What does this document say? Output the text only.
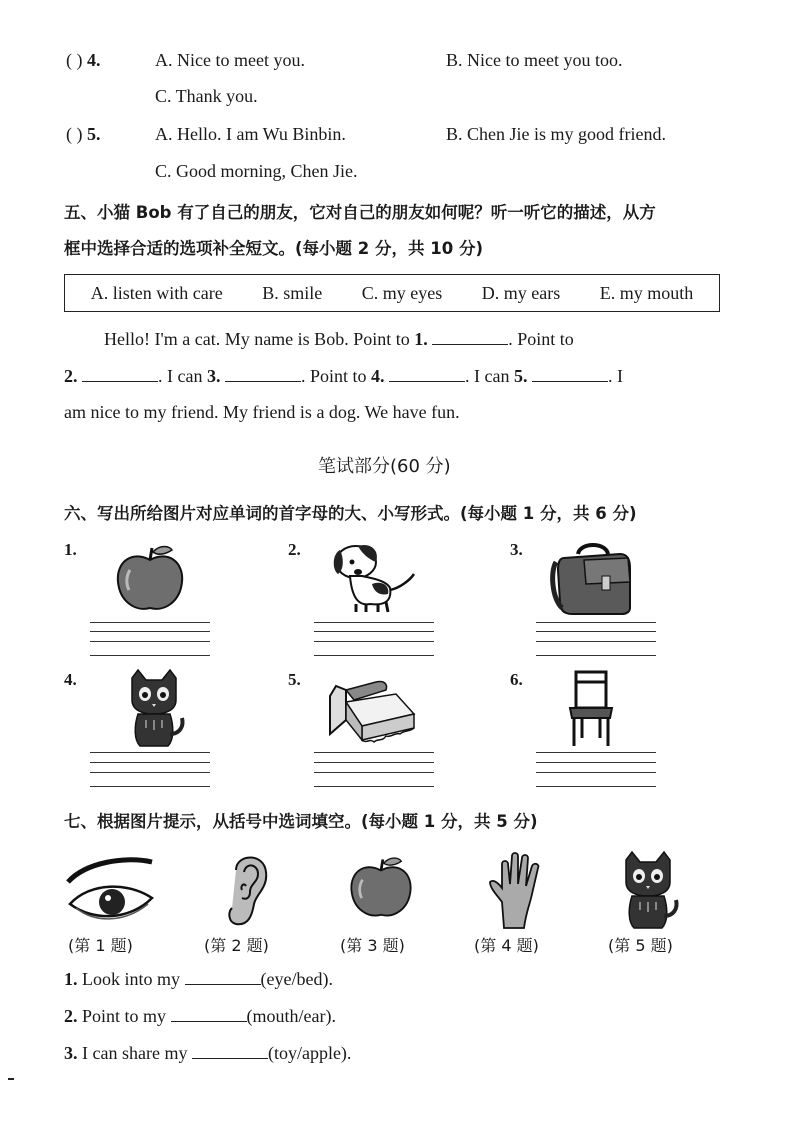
( ) 4.	A. Nice to meet you.	B. Nice to meet you too.
C. Thank you.
( ) 5.	A. Hello. I am Wu Binbin.	B. Chen Jie is my good friend.
C. Good morning, Chen Jie.
五、小猫 Bob 有了自己的朋友，它对自己的朋友如何呢？听一听它的描述，从方
框中选择合适的选项补全短文。(每小题 2 分，共 10 分)
A. listen with care B. smile C. my eyes D. my ears E. my mouth
Hello! I'm a cat. My name is Bob. Point to 1.	. Point to
2.	. I can 3.	. Point to 4.	. I can 5.	. I
am nice to my friend. My friend is a dog. We have fun.
笔试部分(60 分)
六、写出所给图片对应单词的首字母的大、小写形式。(每小题 1 分，共 6 分)
1.	2.	3.
4.	5.	6.
七、根据图片提示，从括号中选词填空。(每小题 1 分，共 5 分)
(第 1 题)	(第 2 题)	(第 3 题)	(第 4 题)	(第 5 题)
1. Look into my	(eye/bed).
2. Point to my	(mouth/ear).
3. I can share my	(toy/apple).
